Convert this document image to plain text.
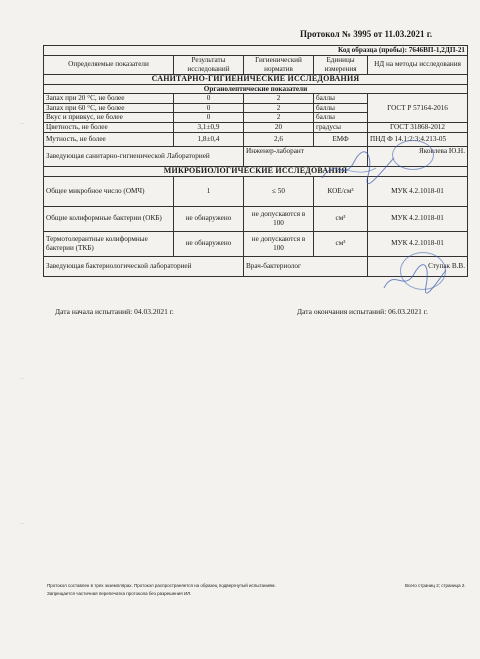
‒
‒
‒
Протокол № 3995 от 11.03.2021 г.
Код образца (пробы): 7646ВП-1,2ДП-21				
Определяемые показатели	Результаты исследований	Гигиенический норматив	Единицы измерения	НД на методы исследования
САНИТАРНО-ГИГИЕНИЧЕСКИЕ ИССЛЕДОВАНИЯ				
Органолептические показатели				
Запах при 20 °С, не более	0	2	баллы	ГОСТ Р 57164-2016
Запах при 60 °С, не более	0	2	баллы	
Вкус и привкус, не более	0	2	баллы	
Цветность, не более	3,1±0,9	20	градусы	ГОСТ 31868-2012
Мутность, не более	1,8±0,4	2,6	ЕМФ	ПНД Ф 14.1:2:3:4.213-05
Заведующая санитарно-гигиенической Лабораторией		Инженер-лаборант		Яковлева Ю.Н.
МИКРОБИОЛОГИЧЕСКИЕ ИССЛЕДОВАНИЯ				
Общее микробное число (ОМЧ)	1	≤ 50	КОЕ/см³	МУК 4.2.1018-01
Общие колиформные бактерии (ОКБ)	не обнаружено	не допускаются в 100	см³	МУК 4.2.1018-01
Термотолерантные колиформные бактерии (ТКБ)	не обнаружено	не допускаются в 100	см³	МУК 4.2.1018-01
Заведующая бактериологической лабораторией		Врач-бактериолог		Ступак В.В.
Дата начала испытаний: 04.03.2021 г.	Дата окончания испытаний: 06.03.2021 г.
Протокол составлен в трех экземплярах. Протокол распространяется на образец подвергнутый испытаниям.
Запрещается частичная перепечатка протокола без разрешения ИЛ.
Всего страниц 2; страница 2.
